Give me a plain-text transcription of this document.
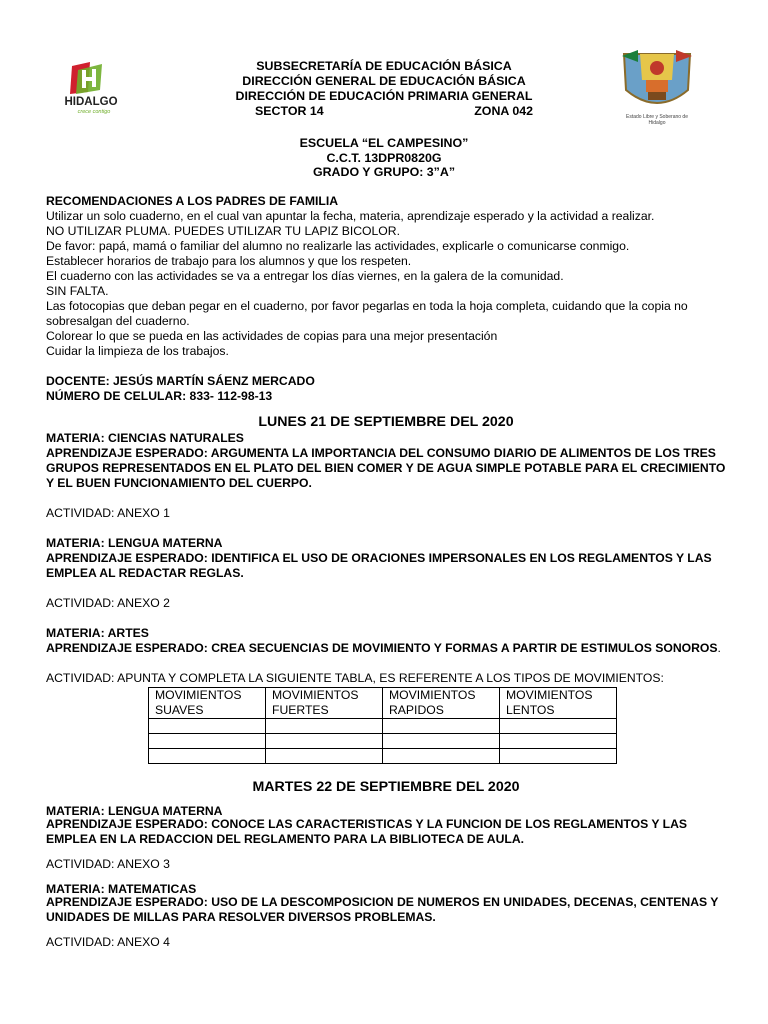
HIDALGO
crece contigo
Estado Libre y Soberano de Hidalgo
SUBSECRETARÍA DE EDUCACIÓN BÁSICA
DIRECCIÓN GENERAL DE EDUCACIÓN BÁSICA
DIRECCIÓN DE EDUCACIÓN PRIMARIA GENERAL
SECTOR 14	ZONA 042
ESCUELA “EL CAMPESINO”
C.C.T. 13DPR0820G
GRADO Y GRUPO: 3”A”
RECOMENDACIONES A LOS PADRES DE FAMILIA
Utilizar un solo cuaderno, en el cual van apuntar la fecha, materia, aprendizaje esperado y la actividad a realizar.
NO UTILIZAR PLUMA. PUEDES UTILIZAR TU LAPIZ BICOLOR.
De favor: papá, mamá o familiar del alumno no realizarle las actividades, explicarle o comunicarse conmigo.
Establecer horarios de trabajo para los alumnos y que los respeten.
El cuaderno con las actividades se va a entregar los días viernes, en la galera de la comunidad.
SIN FALTA.
Las fotocopias que deban pegar en el cuaderno, por favor pegarlas en toda la hoja completa, cuidando que la copia no sobresalgan del cuaderno.
Colorear lo que se pueda en las actividades de copias para una mejor presentación
Cuidar la limpieza de los trabajos.
DOCENTE: JESÚS MARTÍN SÁENZ MERCADO
NÚMERO DE CELULAR: 833- 112-98-13
LUNES 21 DE SEPTIEMBRE DEL 2020
MATERIA: CIENCIAS NATURALES
APRENDIZAJE ESPERADO: ARGUMENTA LA IMPORTANCIA DEL CONSUMO DIARIO DE ALIMENTOS DE LOS TRES GRUPOS REPRESENTADOS EN EL PLATO DEL BIEN COMER Y DE AGUA SIMPLE POTABLE PARA EL CRECIMIENTO Y EL BUEN FUNCIONAMIENTO DEL CUERPO.
ACTIVIDAD: ANEXO 1
MATERIA: LENGUA MATERNA
APRENDIZAJE ESPERADO: IDENTIFICA EL USO DE ORACIONES IMPERSONALES EN LOS REGLAMENTOS Y LAS EMPLEA AL REDACTAR REGLAS.
ACTIVIDAD: ANEXO 2
MATERIA: ARTES
APRENDIZAJE ESPERADO: CREA SECUENCIAS DE MOVIMIENTO Y FORMAS A PARTIR DE ESTIMULOS SONOROS.
ACTIVIDAD: APUNTA Y COMPLETA LA SIGUIENTE TABLA, ES REFERENTE A LOS TIPOS DE MOVIMIENTOS:
MOVIMIENTOS SUAVES	MOVIMIENTOS FUERTES	MOVIMIENTOS RAPIDOS	MOVIMIENTOS LENTOS

MARTES 22 DE SEPTIEMBRE DEL 2020
MATERIA: LENGUA MATERNA
APRENDIZAJE ESPERADO: CONOCE LAS CARACTERISTICAS Y LA FUNCION DE LOS REGLAMENTOS Y LAS EMPLEA EN LA REDACCION DEL REGLAMENTO PARA LA BIBLIOTECA DE AULA.
ACTIVIDAD: ANEXO 3
MATERIA: MATEMATICAS
APRENDIZAJE ESPERADO: USO DE LA DESCOMPOSICION DE NUMEROS EN UNIDADES, DECENAS, CENTENAS Y UNIDADES DE MILLAS PARA RESOLVER DIVERSOS PROBLEMAS.
ACTIVIDAD: ANEXO 4
